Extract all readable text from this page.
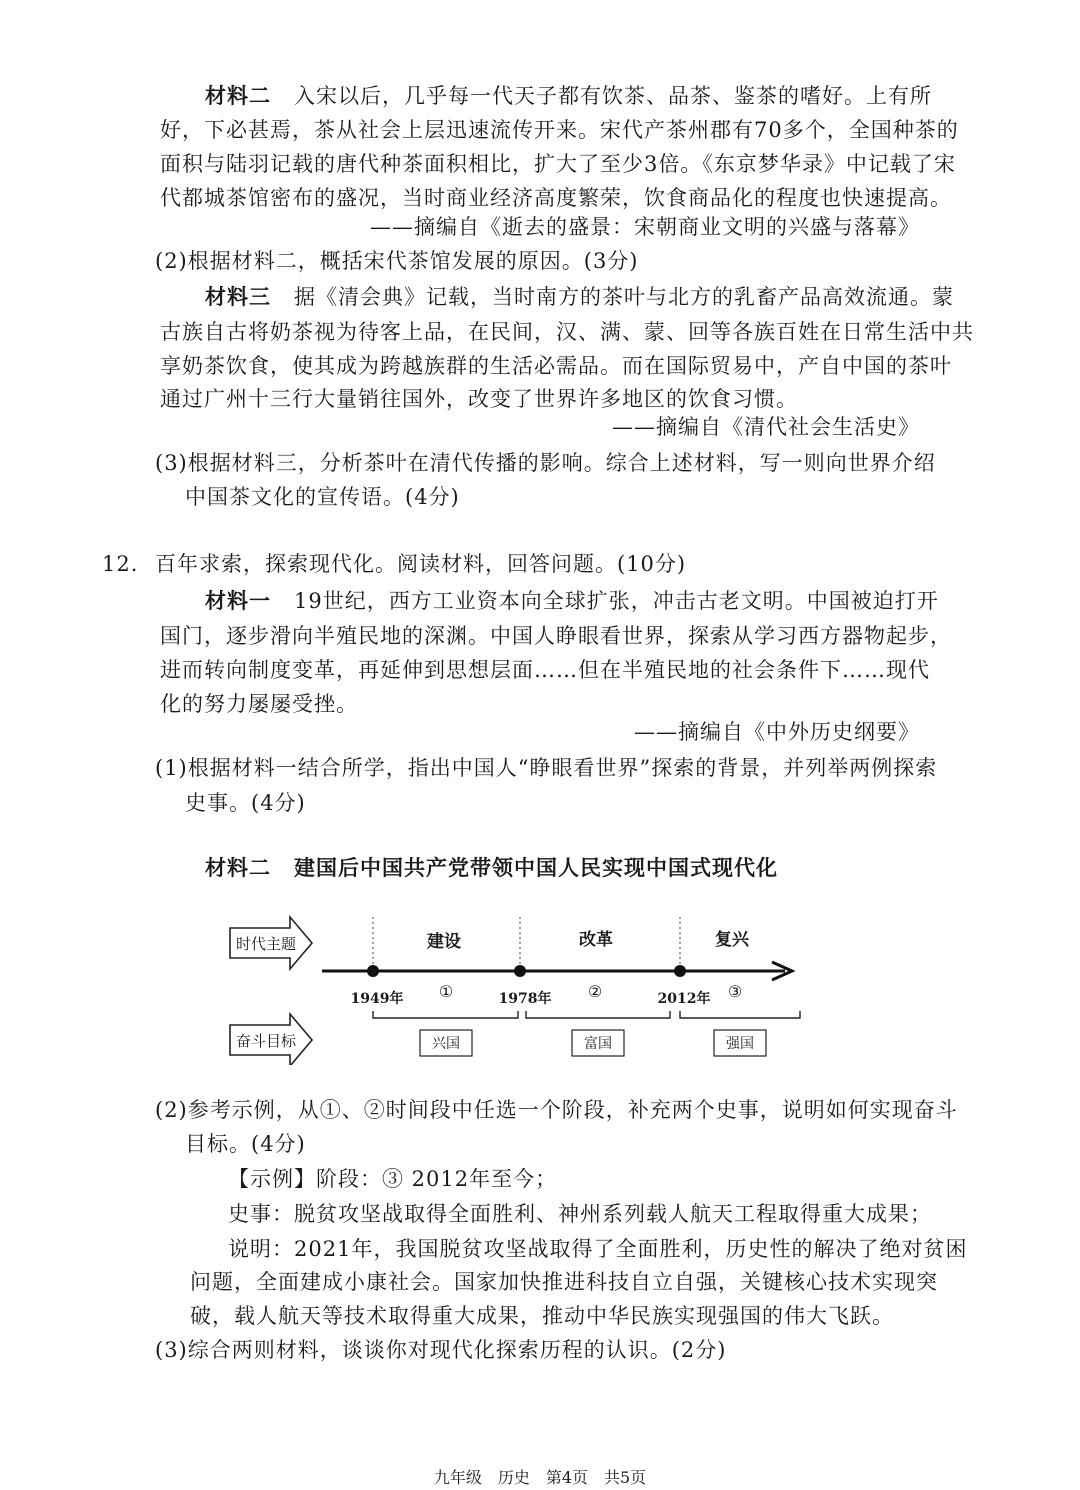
材料二 入宋以后，几乎每一代天子都有饮茶、品茶、鉴茶的嗜好。上有所
好，下必甚焉，茶从社会上层迅速流传开来。宋代产茶州郡有70多个，全国种茶的
面积与陆羽记载的唐代种茶面积相比，扩大了至少3倍。《东京梦华录》中记载了宋
代都城茶馆密布的盛况，当时商业经济高度繁荣，饮食商品化的程度也快速提高。
——摘编自《逝去的盛景：宋朝商业文明的兴盛与落幕》
(2)根据材料二，概括宋代茶馆发展的原因。(3分)
材料三 据《清会典》记载，当时南方的茶叶与北方的乳畜产品高效流通。蒙
古族自古将奶茶视为待客上品，在民间，汉、满、蒙、回等各族百姓在日常生活中共
享奶茶饮食，使其成为跨越族群的生活必需品。而在国际贸易中，产自中国的茶叶
通过广州十三行大量销往国外，改变了世界许多地区的饮食习惯。
——摘编自《清代社会生活史》
(3)根据材料三，分析茶叶在清代传播的影响。综合上述材料，写一则向世界介绍
中国茶文化的宣传语。(4分)
12. 百年求索，探索现代化。阅读材料，回答问题。(10分)
材料一 19世纪，西方工业资本向全球扩张，冲击古老文明。中国被迫打开
国门，逐步滑向半殖民地的深渊。中国人睁眼看世界，探索从学习西方器物起步，
进而转向制度变革，再延伸到思想层面……但在半殖民地的社会条件下……现代
化的努力屡屡受挫。
——摘编自《中外历史纲要》
(1)根据材料一结合所学，指出中国人“睁眼看世界”探索的背景，并列举两例探索
史事。(4分)
材料二 建国后中国共产党带领中国人民实现中国式现代化
时代主题
奋斗目标
建设	改革	复兴
1949年	1978年	2012年
①	②	③
兴国	富国	强国
(2)参考示例，从①、②时间段中任选一个阶段，补充两个史事，说明如何实现奋斗
目标。(4分)
【示例】阶段：③ 2012年至今；
史事：脱贫攻坚战取得全面胜利、神州系列载人航天工程取得重大成果；
说明：2021年，我国脱贫攻坚战取得了全面胜利，历史性的解决了绝对贫困
问题，全面建成小康社会。国家加快推进科技自立自强，关键核心技术实现突
破，载人航天等技术取得重大成果，推动中华民族实现强国的伟大飞跃。
(3)综合两则材料，谈谈你对现代化探索历程的认识。(2分)
九年级　历史　第4页　共5页
